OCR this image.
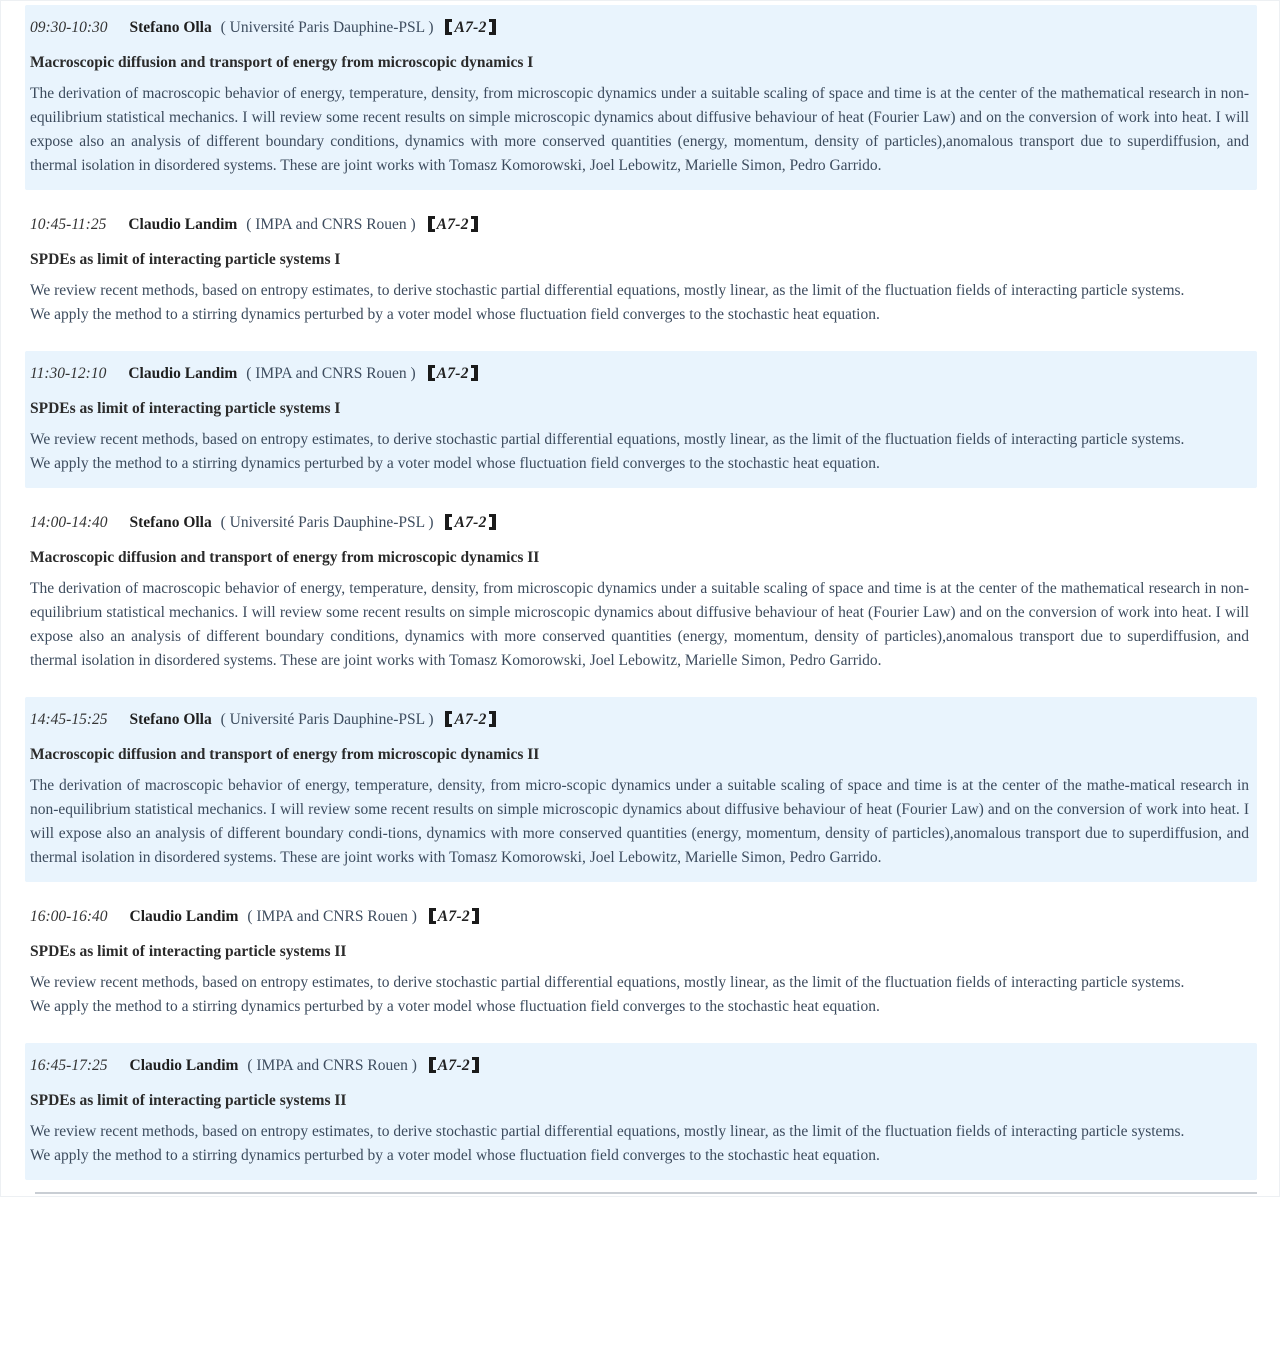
09:30-10:30 Stefano Olla ( Université Paris Dauphine-PSL ) A7-2
Macroscopic diffusion and transport of energy from microscopic dynamics I

The derivation of macroscopic behavior of energy, temperature, density, from microscopic dynamics under a suitable scaling of space and time is at the center of the mathematical research in non-equilibrium statistical mechanics. I will review some recent results on simple microscopic dynamics about diffusive behaviour of heat (Fourier Law) and on the conversion of work into heat. I will expose also an analysis of different boundary conditions, dynamics with more conserved quantities (energy, momentum, density of particles),anomalous transport due to superdiffusion, and thermal isolation in disordered systems. These are joint works with Tomasz Komorowski, Joel Lebowitz, Marielle Simon, Pedro Garrido.

10:45-11:25 Claudio Landim ( IMPA and CNRS Rouen ) A7-2
SPDEs as limit of interacting particle systems I

We review recent methods, based on entropy estimates, to derive stochastic partial differential equations, mostly linear, as the limit of the fluctuation fields of interacting particle systems.

We apply the method to a stirring dynamics perturbed by a voter model whose fluctuation field converges to the stochastic heat equation.

11:30-12:10 Claudio Landim ( IMPA and CNRS Rouen ) A7-2
SPDEs as limit of interacting particle systems I

We review recent methods, based on entropy estimates, to derive stochastic partial differential equations, mostly linear, as the limit of the fluctuation fields of interacting particle systems.

We apply the method to a stirring dynamics perturbed by a voter model whose fluctuation field converges to the stochastic heat equation.

14:00-14:40 Stefano Olla ( Université Paris Dauphine-PSL ) A7-2
Macroscopic diffusion and transport of energy from microscopic dynamics II

The derivation of macroscopic behavior of energy, temperature, density, from microscopic dynamics under a suitable scaling of space and time is at the center of the mathematical research in non-equilibrium statistical mechanics. I will review some recent results on simple microscopic dynamics about diffusive behaviour of heat (Fourier Law) and on the conversion of work into heat. I will expose also an analysis of different boundary conditions, dynamics with more conserved quantities (energy, momentum, density of particles),anomalous transport due to superdiffusion, and thermal isolation in disordered systems. These are joint works with Tomasz Komorowski, Joel Lebowitz, Marielle Simon, Pedro Garrido.

14:45-15:25 Stefano Olla ( Université Paris Dauphine-PSL ) A7-2
Macroscopic diffusion and transport of energy from microscopic dynamics II

The derivation of macroscopic behavior of energy, temperature, density, from micro-scopic dynamics under a suitable scaling of space and time is at the center of the mathe-matical research in non-equilibrium statistical mechanics. I will review some recent results on simple microscopic dynamics about diffusive behaviour of heat (Fourier Law) and on the conversion of work into heat. I will expose also an analysis of different boundary condi-tions, dynamics with more conserved quantities (energy, momentum, density of particles),anomalous transport due to superdiffusion, and thermal isolation in disordered systems. These are joint works with Tomasz Komorowski, Joel Lebowitz, Marielle Simon, Pedro Garrido.

16:00-16:40 Claudio Landim ( IMPA and CNRS Rouen ) A7-2
SPDEs as limit of interacting particle systems II

We review recent methods, based on entropy estimates, to derive stochastic partial differential equations, mostly linear, as the limit of the fluctuation fields of interacting particle systems.

We apply the method to a stirring dynamics perturbed by a voter model whose fluctuation field converges to the stochastic heat equation.

16:45-17:25 Claudio Landim ( IMPA and CNRS Rouen ) A7-2
SPDEs as limit of interacting particle systems II

We review recent methods, based on entropy estimates, to derive stochastic partial differential equations, mostly linear, as the limit of the fluctuation fields of interacting particle systems.

We apply the method to a stirring dynamics perturbed by a voter model whose fluctuation field converges to the stochastic heat equation.
